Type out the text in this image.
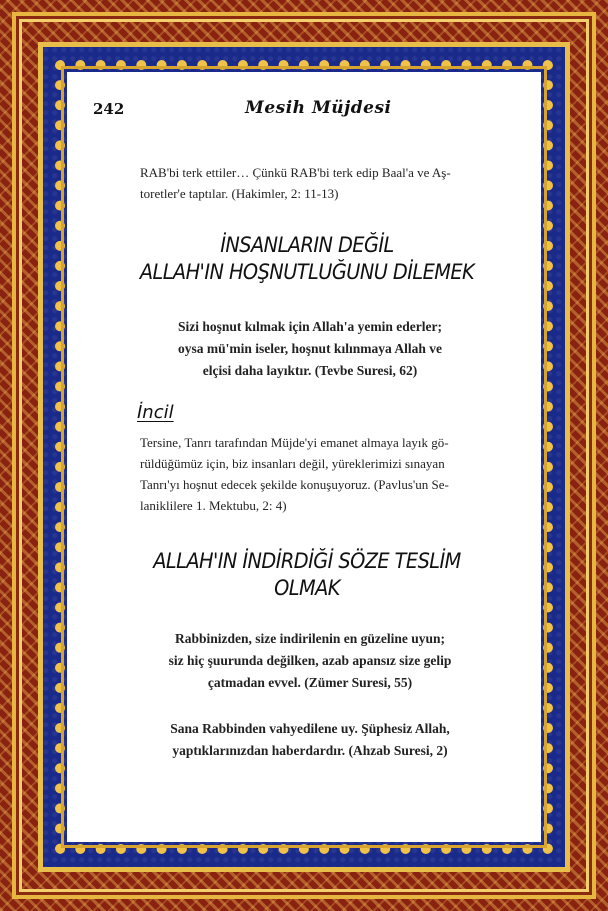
242	Mesih Müjdesi
RAB'bi terk ettiler… Çünkü RAB'bi terk edip Baal'a ve Aş-
toretler'e taptılar. (Hakimler, 2: 11-13)
İNSANLARIN DEĞİL
ALLAH'IN HOŞNUTLUĞUNU DİLEMEK
Sizi hoşnut kılmak için Allah'a yemin ederler;
oysa mü'min iseler, hoşnut kılınmaya Allah ve
elçisi daha layıktır. (Tevbe Suresi, 62)
İncil
Tersine, Tanrı tarafından Müjde'yi emanet almaya layık gö-
rüldüğümüz için, biz insanları değil, yüreklerimizi sınayan
Tanrı'yı hoşnut edecek şekilde konuşuyoruz. (Pavlus'un Se-
laniklilere 1. Mektubu, 2: 4)
ALLAH'IN İNDİRDİĞİ SÖZE TESLİM
OLMAK
Rabbinizden, size indirilenin en güzeline uyun;
siz hiç şuurunda değilken, azab apansız size gelip
çatmadan evvel. (Zümer Suresi, 55)
Sana Rabbinden vahyedilene uy. Şüphesiz Allah,
yaptıklarınızdan haberdardır. (Ahzab Suresi, 2)
